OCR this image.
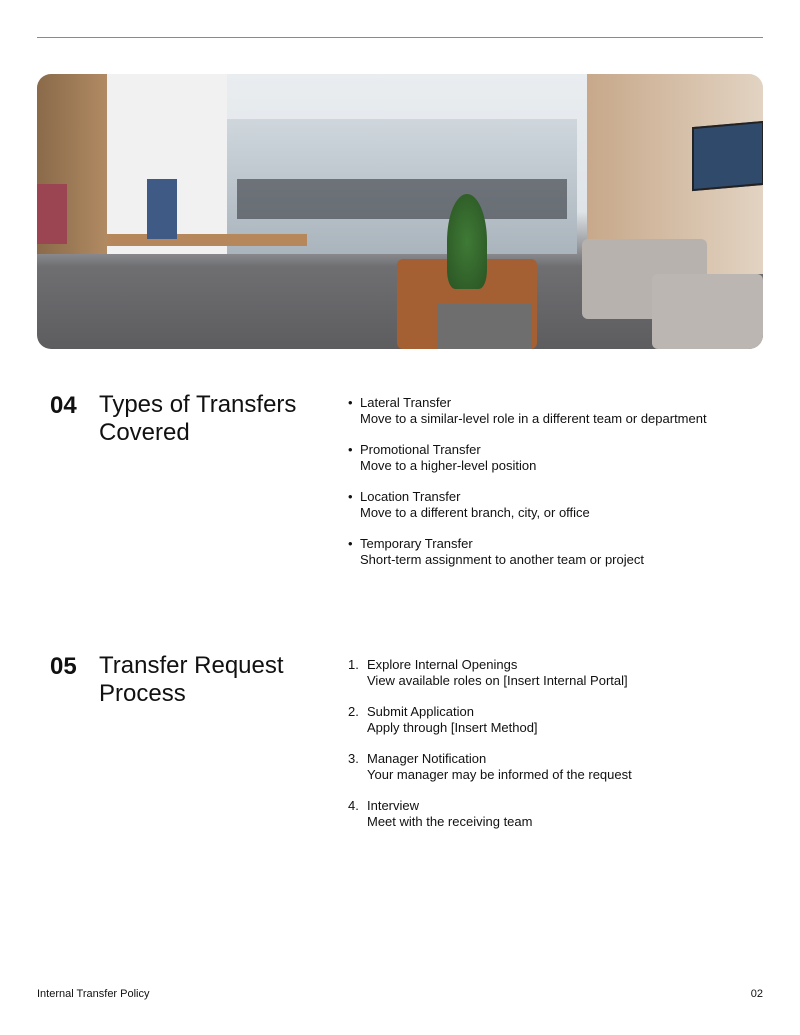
04 Types of Transfers Covered
• Lateral Transfer
Move to a similar-level role in a different team or department
• Promotional Transfer
Move to a higher-level position
• Location Transfer
Move to a different branch, city, or office
• Temporary Transfer
Short-term assignment to another team or project
05 Transfer Request Process
1. Explore Internal Openings
View available roles on [Insert Internal Portal]
2. Submit Application
Apply through [Insert Method]
3. Manager Notification
Your manager may be informed of the request
4. Interview
Meet with the receiving team
Internal Transfer Policy	02
